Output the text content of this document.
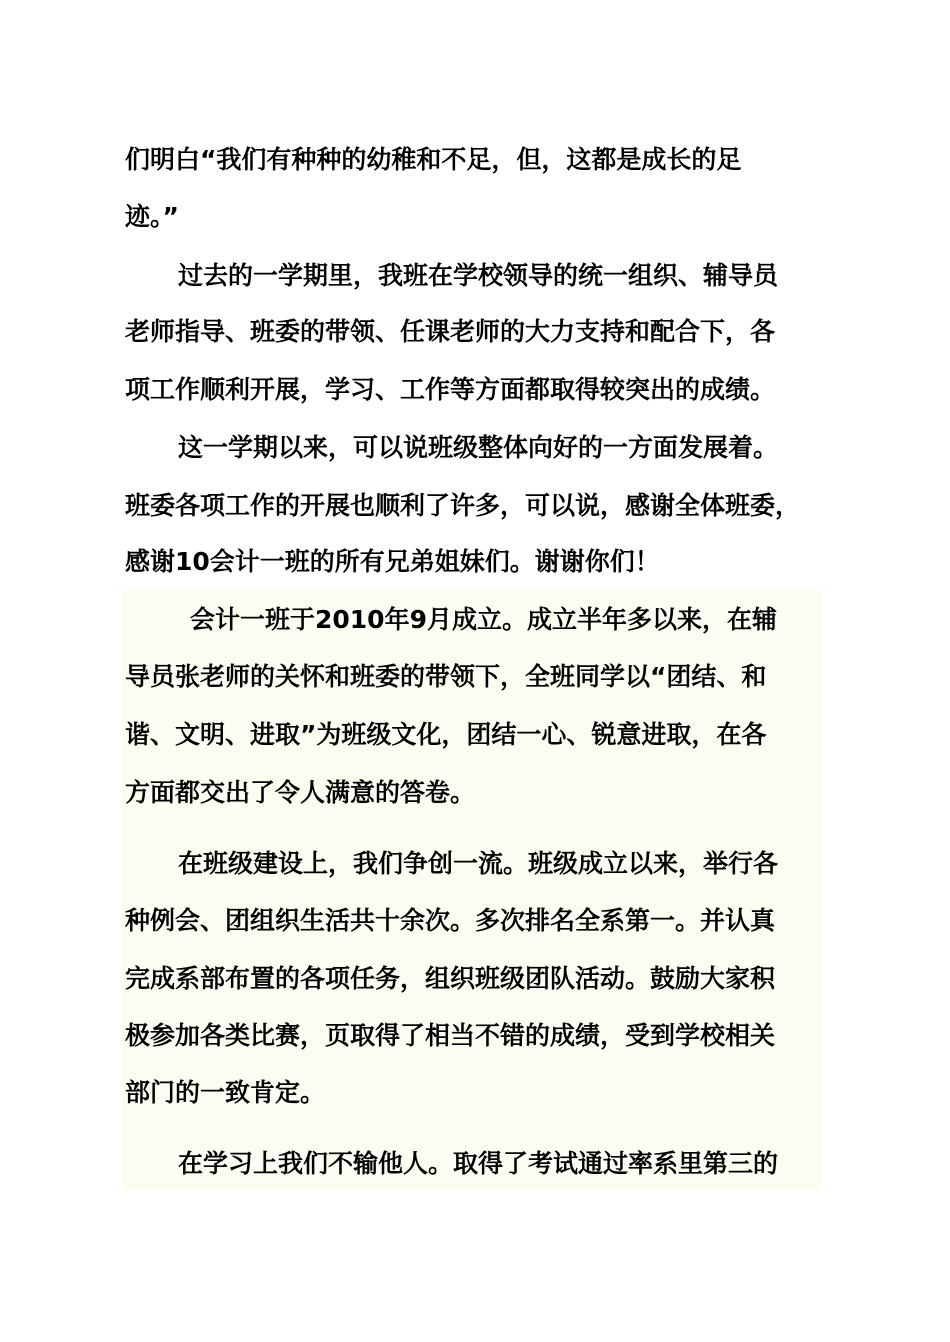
们明白“我们有种种的幼稚和不足，但，这都是成长的足
迹。”
过去的一学期里，我班在学校领导的统一组织、辅导员
老师指导、班委的带领、任课老师的大力支持和配合下，各
项工作顺利开展，学习、工作等方面都取得较突出的成绩。
这一学期以来，可以说班级整体向好的一方面发展着。
班委各项工作的开展也顺利了许多，可以说，感谢全体班委，
感谢10会计一班的所有兄弟姐妹们。谢谢你们！
会计一班于2010年9月成立。成立半年多以来，在辅
导员张老师的关怀和班委的带领下，全班同学以“团结、和
谐、文明、进取”为班级文化，团结一心、锐意进取，在各
方面都交出了令人满意的答卷。
在班级建设上，我们争创一流。班级成立以来，举行各
种例会、团组织生活共十余次。多次排名全系第一。并认真
完成系部布置的各项任务，组织班级团队活动。鼓励大家积
极参加各类比赛，页取得了相当不错的成绩，受到学校相关
部门的一致肯定。
在学习上我们不输他人。取得了考试通过率系里第三的
